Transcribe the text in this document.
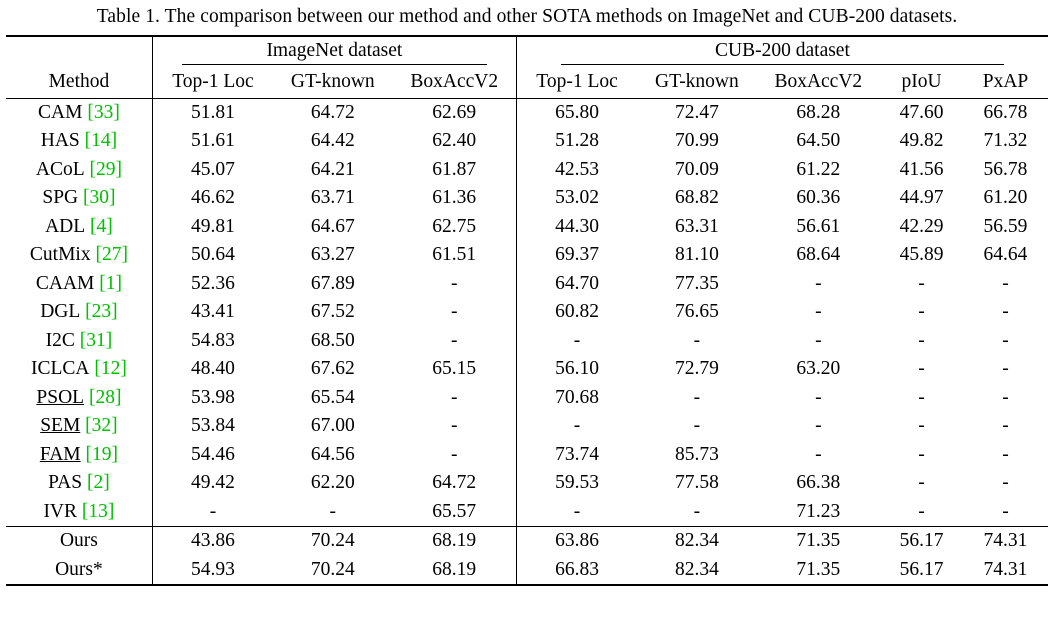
Table 1. The comparison between our method and other SOTA methods on ImageNet and CUB-200 datasets.
	ImageNet dataset			CUB-200 dataset				
Method	Top-1 Loc	GT-known	BoxAccV2	Top-1 Loc	GT-known	BoxAccV2	pIoU	PxAP
CAM [33]	51.81	64.72	62.69	65.80	72.47	68.28	47.60	66.78
HAS [14]	51.61	64.42	62.40	51.28	70.99	64.50	49.82	71.32
ACoL [29]	45.07	64.21	61.87	42.53	70.09	61.22	41.56	56.78
SPG [30]	46.62	63.71	61.36	53.02	68.82	60.36	44.97	61.20
ADL [4]	49.81	64.67	62.75	44.30	63.31	56.61	42.29	56.59
CutMix [27]	50.64	63.27	61.51	69.37	81.10	68.64	45.89	64.64
CAAM [1]	52.36	67.89	-	64.70	77.35	-	-	-
DGL [23]	43.41	67.52	-	60.82	76.65	-	-	-
I2C [31]	54.83	68.50	-	-	-	-	-	-
ICLCA [12]	48.40	67.62	65.15	56.10	72.79	63.20	-	-
PSOL [28]	53.98	65.54	-	70.68	-	-	-	-
SEM [32]	53.84	67.00	-	-	-	-	-	-
FAM [19]	54.46	64.56	-	73.74	85.73	-	-	-
PAS [2]	49.42	62.20	64.72	59.53	77.58	66.38	-	-
IVR [13]	-	-	65.57	-	-	71.23	-	-
Ours	43.86	70.24	68.19	63.86	82.34	71.35	56.17	74.31
Ours*	54.93	70.24	68.19	66.83	82.34	71.35	56.17	74.31
